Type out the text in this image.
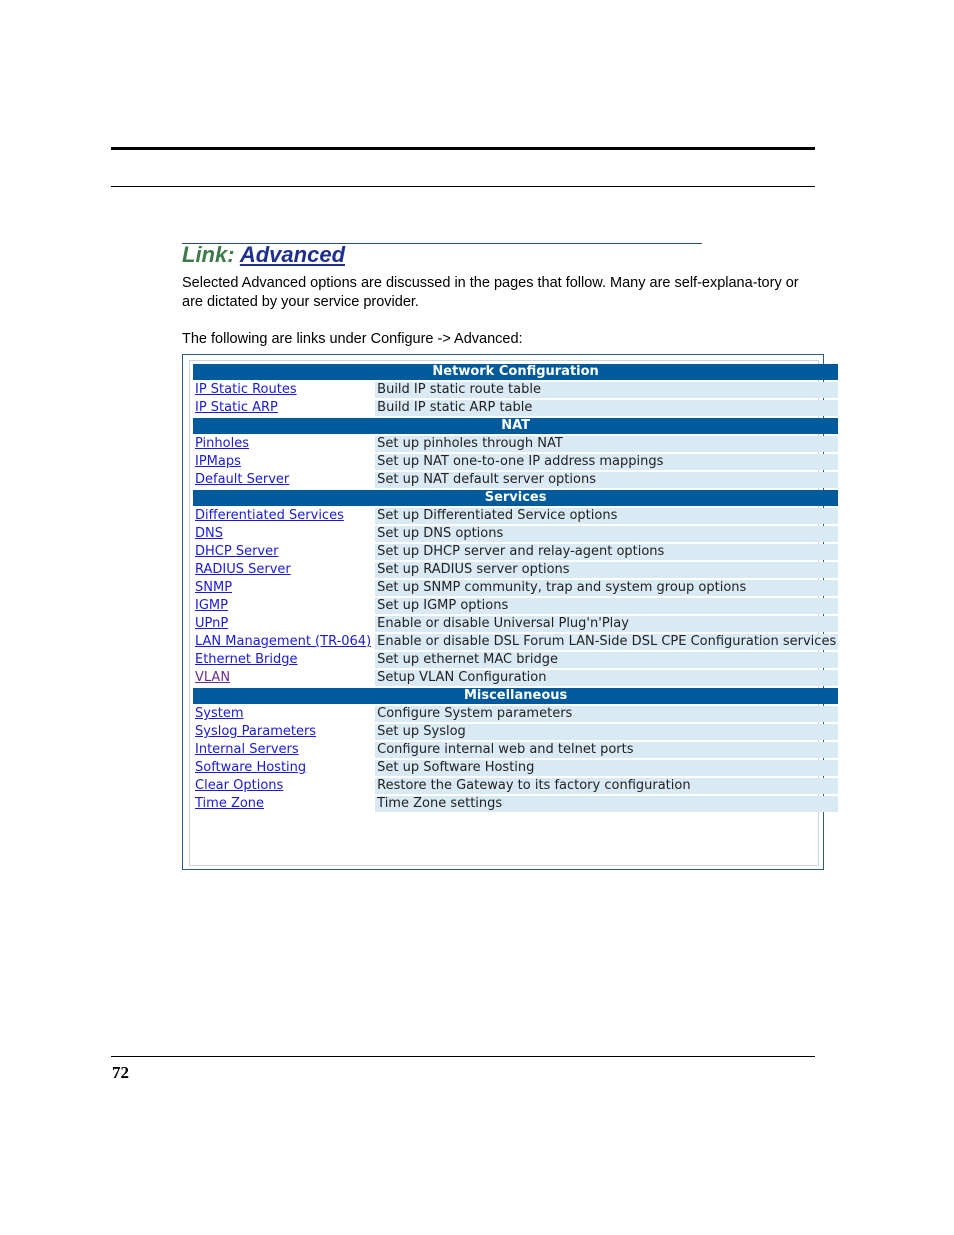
Link: Advanced
Selected Advanced options are discussed in the pages that follow. Many are self-explana-tory or are dictated by your service provider.
The following are links under Configure -> Advanced:
Network Configuration	
IP Static Routes	Build IP static route table
IP Static ARP	Build IP static ARP table
NAT	
Pinholes	Set up pinholes through NAT
IPMaps	Set up NAT one-to-one IP address mappings
Default Server	Set up NAT default server options
Services	
Differentiated Services	Set up Differentiated Service options
DNS	Set up DNS options
DHCP Server	Set up DHCP server and relay-agent options
RADIUS Server	Set up RADIUS server options
SNMP	Set up SNMP community, trap and system group options
IGMP	Set up IGMP options
UPnP	Enable or disable Universal Plug'n'Play
LAN Management (TR-064)	Enable or disable DSL Forum LAN-Side DSL CPE Configuration services
Ethernet Bridge	Set up ethernet MAC bridge
VLAN	Setup VLAN Configuration
Miscellaneous	
System	Configure System parameters
Syslog Parameters	Set up Syslog
Internal Servers	Configure internal web and telnet ports
Software Hosting	Set up Software Hosting
Clear Options	Restore the Gateway to its factory configuration
Time Zone	Time Zone settings
72
